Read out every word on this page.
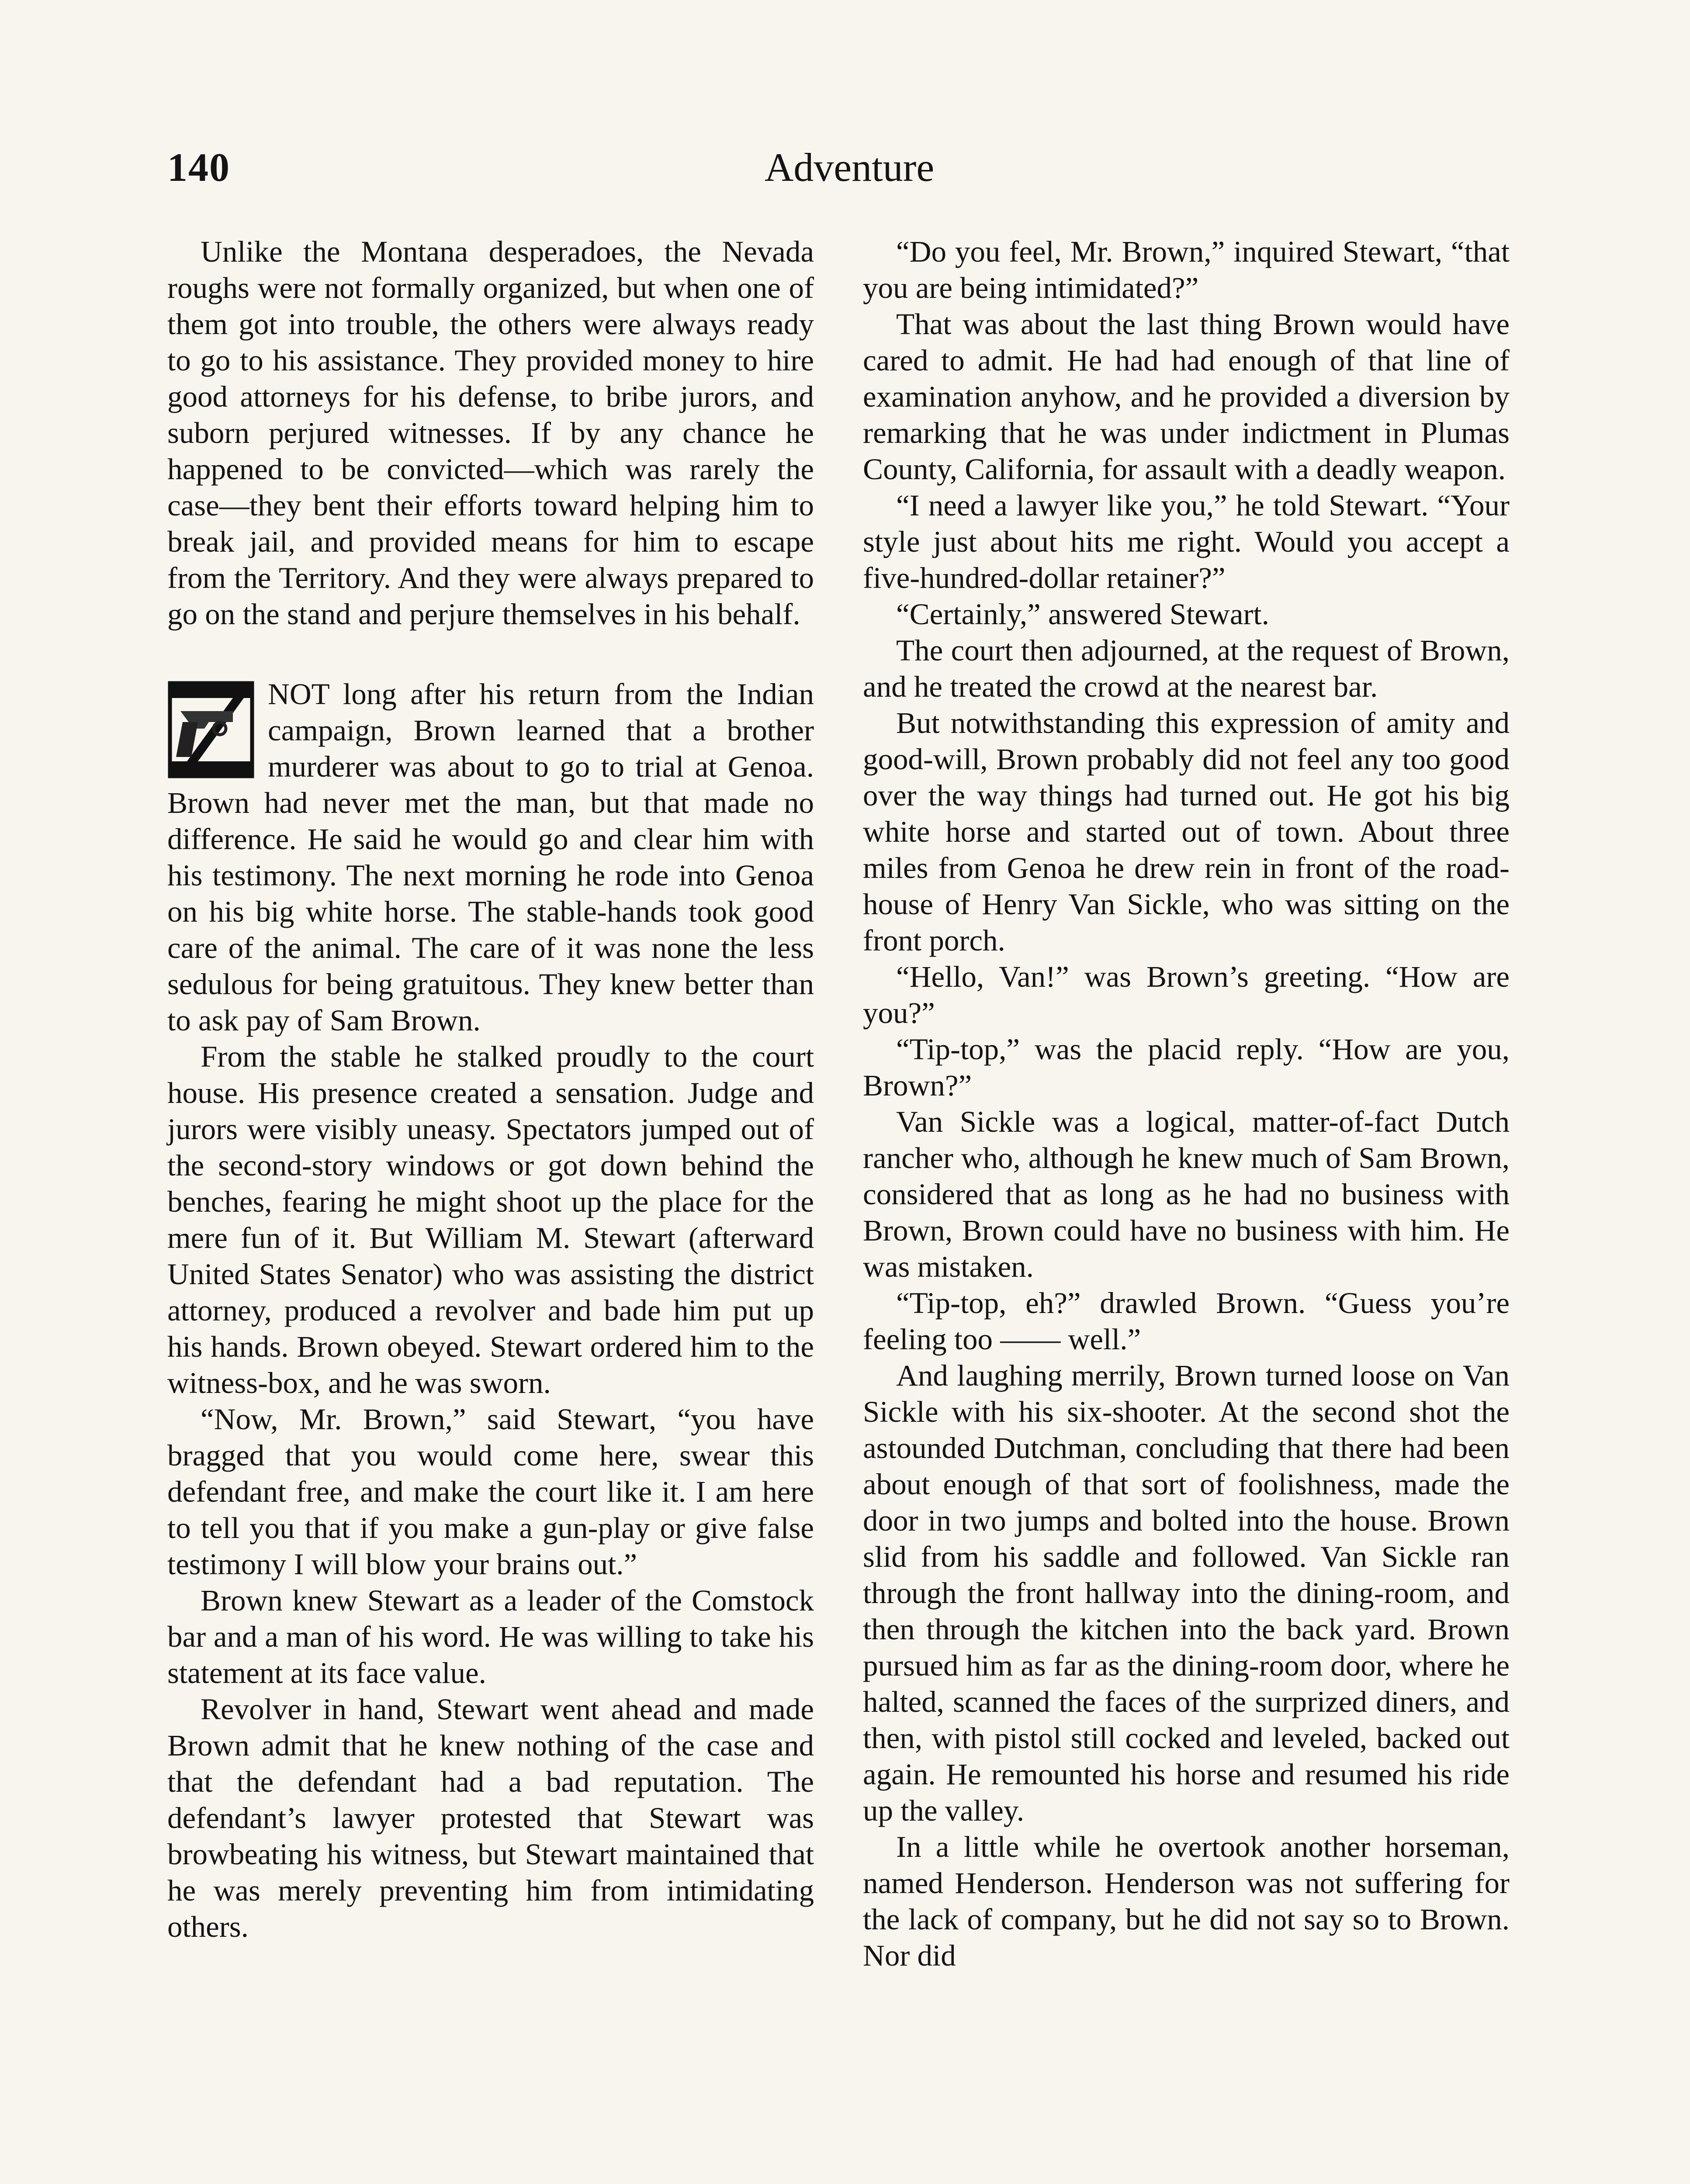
140	Adventure

Unlike the Montana desperadoes, the Nevada roughs were not formally organized, but when one of them got into trouble, the others were always ready to go to his assistance. They provided money to hire good attorneys for his defense, to bribe jurors, and suborn perjured witnesses. If by any chance he happened to be convicted—which was rarely the case—they bent their efforts toward helping him to break jail, and provided means for him to escape from the Territory. And they were always prepared to go on the stand and perjure themselves in his behalf.

NOT long after his return from the Indian campaign, Brown learned that a brother murderer was about to go to trial at Genoa. Brown had never met the man, but that made no difference. He said he would go and clear him with his testimony. The next morning he rode into Genoa on his big white horse. The stable-hands took good care of the animal. The care of it was none the less sedulous for being gratuitous. They knew better than to ask pay of Sam Brown.

From the stable he stalked proudly to the court house. His presence created a sensation. Judge and jurors were visibly uneasy. Spectators jumped out of the second-story windows or got down behind the benches, fearing he might shoot up the place for the mere fun of it. But William M. Stewart (afterward United States Senator) who was assisting the district attorney, produced a revolver and bade him put up his hands. Brown obeyed. Stewart ordered him to the witness-box, and he was sworn.

“Now, Mr. Brown,” said Stewart, “you have bragged that you would come here, swear this defendant free, and make the court like it. I am here to tell you that if you make a gun-play or give false testimony I will blow your brains out.”

Brown knew Stewart as a leader of the Comstock bar and a man of his word. He was willing to take his statement at its face value.

Revolver in hand, Stewart went ahead and made Brown admit that he knew nothing of the case and that the defendant had a bad reputation. The defendant’s lawyer protested that Stewart was browbeating his witness, but Stewart maintained that he was merely preventing him from intimidating others.

“Do you feel, Mr. Brown,” inquired Stewart, “that you are being intimidated?”

That was about the last thing Brown would have cared to admit. He had had enough of that line of examination anyhow, and he provided a diversion by remarking that he was under indictment in Plumas County, California, for assault with a deadly weapon.

“I need a lawyer like you,” he told Stewart. “Your style just about hits me right. Would you accept a five-hundred-dollar retainer?”

“Certainly,” answered Stewart.

The court then adjourned, at the request of Brown, and he treated the crowd at the nearest bar.

But notwithstanding this expression of amity and good-will, Brown probably did not feel any too good over the way things had turned out. He got his big white horse and started out of town. About three miles from Genoa he drew rein in front of the road-house of Henry Van Sickle, who was sitting on the front porch.

“Hello, Van!” was Brown’s greeting. “How are you?”

“Tip-top,” was the placid reply. “How are you, Brown?”

Van Sickle was a logical, matter-of-fact Dutch rancher who, although he knew much of Sam Brown, considered that as long as he had no business with Brown, Brown could have no business with him. He was mistaken.

“Tip-top, eh?” drawled Brown. “Guess you’re feeling too —— well.”

And laughing merrily, Brown turned loose on Van Sickle with his six-shooter. At the second shot the astounded Dutchman, concluding that there had been about enough of that sort of foolishness, made the door in two jumps and bolted into the house. Brown slid from his saddle and followed. Van Sickle ran through the front hallway into the dining-room, and then through the kitchen into the back yard. Brown pursued him as far as the dining-room door, where he halted, scanned the faces of the surprized diners, and then, with pistol still cocked and leveled, backed out again. He remounted his horse and resumed his ride up the valley.

In a little while he overtook another horseman, named Henderson. Henderson was not suffering for the lack of company, but he did not say so to Brown. Nor did
